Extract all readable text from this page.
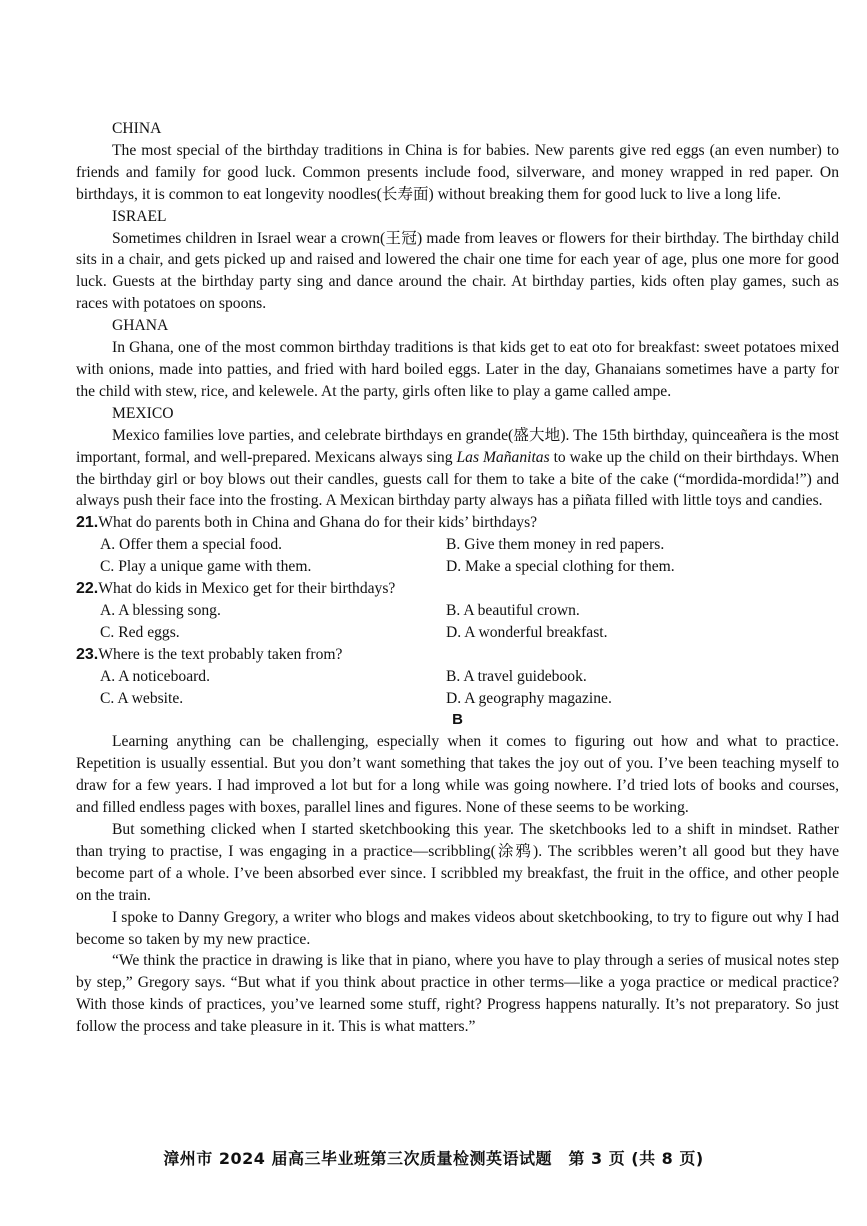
CHINA

The most special of the birthday traditions in China is for babies. New parents give red eggs (an even number) to friends and family for good luck. Common presents include food, silverware, and money wrapped in red paper. On birthdays, it is common to eat longevity noodles(长寿面) without breaking them for good luck to live a long life.

ISRAEL

Sometimes children in Israel wear a crown(王冠) made from leaves or flowers for their birthday. The birthday child sits in a chair, and gets picked up and raised and lowered the chair one time for each year of age, plus one more for good luck. Guests at the birthday party sing and dance around the chair. At birthday parties, kids often play games, such as races with potatoes on spoons.

GHANA

In Ghana, one of the most common birthday traditions is that kids get to eat oto for breakfast: sweet potatoes mixed with onions, made into patties, and fried with hard boiled eggs. Later in the day, Ghanaians sometimes have a party for the child with stew, rice, and kelewele. At the party, girls often like to play a game called ampe.

MEXICO

Mexico families love parties, and celebrate birthdays en grande(盛大地). The 15th birthday, quinceañera is the most important, formal, and well-prepared. Mexicans always sing Las Mañanitas to wake up the child on their birthdays. When the birthday girl or boy blows out their candles, guests call for them to take a bite of the cake (“mordida-mordida!”) and always push their face into the frosting. A Mexican birthday party always has a piñata filled with little toys and candies.

21.What do parents both in China and Ghana do for their kids’ birthdays?
A. Offer them a special food.	B. Give them money in red papers.
C. Play a unique game with them.	D. Make a special clothing for them.
22.What do kids in Mexico get for their birthdays?
A. A blessing song.	B. A beautiful crown.
C. Red eggs.	D. A wonderful breakfast.
23.Where is the text probably taken from?
A. A noticeboard.	B. A travel guidebook.
C. A website.	D. A geography magazine.
B

Learning anything can be challenging, especially when it comes to figuring out how and what to practice. Repetition is usually essential. But you don’t want something that takes the joy out of you. I’ve been teaching myself to draw for a few years. I had improved a lot but for a long while was going nowhere. I’d tried lots of books and courses, and filled endless pages with boxes, parallel lines and figures. None of these seems to be working.

But something clicked when I started sketchbooking this year. The sketchbooks led to a shift in mindset. Rather than trying to practise, I was engaging in a practice—scribbling(涂鸦). The scribbles weren’t all good but they have become part of a whole. I’ve been absorbed ever since. I scribbled my breakfast, the fruit in the office, and other people on the train.

I spoke to Danny Gregory, a writer who blogs and makes videos about sketchbooking, to try to figure out why I had become so taken by my new practice.

“We think the practice in drawing is like that in piano, where you have to play through a series of musical notes step by step,” Gregory says. “But what if you think about practice in other terms—like a yoga practice or medical practice? With those kinds of practices, you’ve learned some stuff, right? Progress happens naturally. It’s not preparatory. So just follow the process and take pleasure in it. This is what matters.”

漳州市 2024 届高三毕业班第三次质量检测英语试题　第 3 页 (共 8 页)
